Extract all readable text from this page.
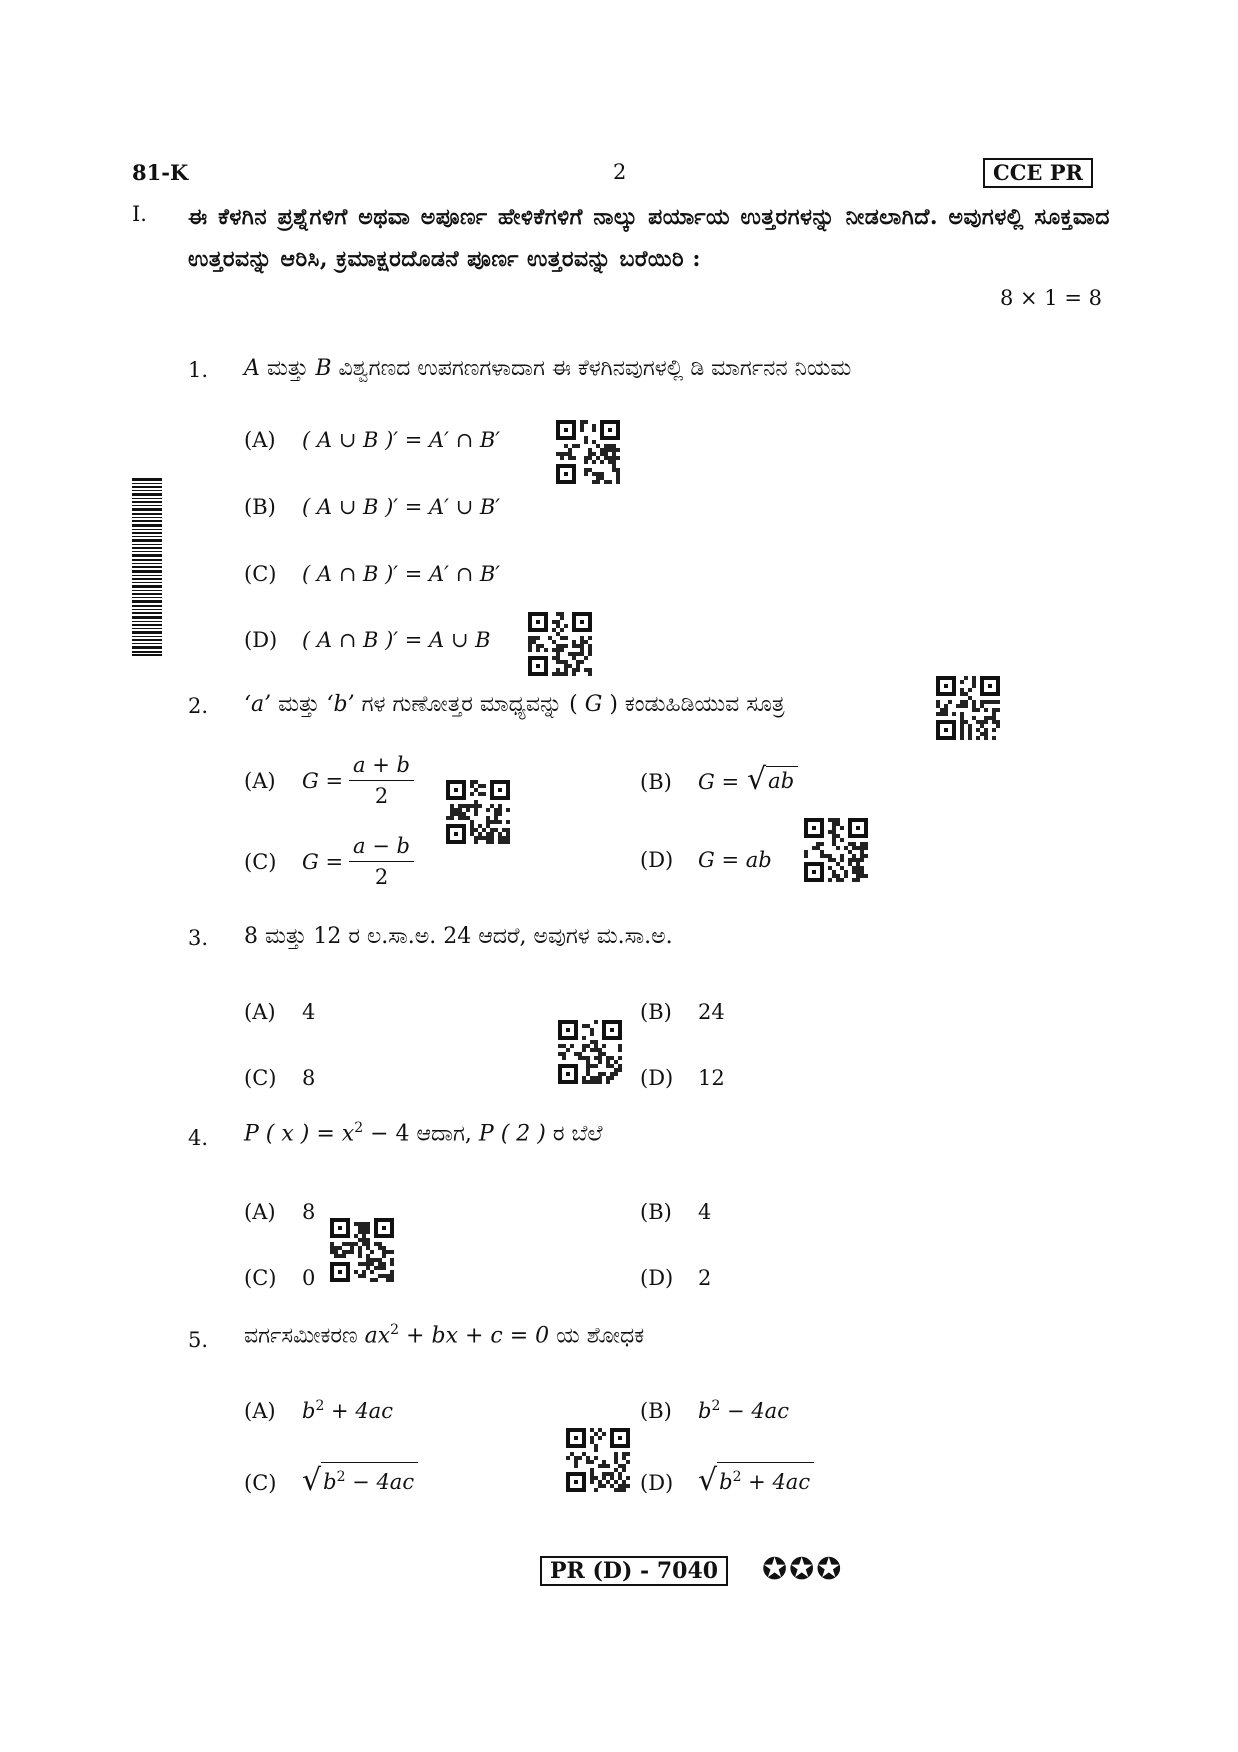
81-K	2	CCE PR
I. ಈ ಕೆಳಗಿನ ಪ್ರಶ್ನೆಗಳಿಗೆ ಅಥವಾ ಅಪೂರ್ಣ ಹೇಳಿಕೆಗಳಿಗೆ ನಾಲ್ಕು ಪರ್ಯಾಯ ಉತ್ತರಗಳನ್ನು ನೀಡಲಾಗಿದೆ. ಅವುಗಳಲ್ಲಿ ಸೂಕ್ತವಾದ ಉತ್ತರವನ್ನು ಆರಿಸಿ, ಕ್ರಮಾಕ್ಷರದೊಡನೆ ಪೂರ್ಣ ಉತ್ತರವನ್ನು ಬರೆಯಿರಿ :
8 × 1 = 8
1. A ಮತ್ತು B ವಿಶ್ವಗಣದ ಉಪಗಣಗಳಾದಾಗ ಈ ಕೆಳಗಿನವುಗಳಲ್ಲಿ ಡಿ ಮಾರ್ಗನನ ನಿಯಮ
(A) ( A ∪ B )′ = A′ ∩ B′
(B) ( A ∪ B )′ = A′ ∪ B′
(C) ( A ∩ B )′ = A′ ∩ B′
(D) ( A ∩ B )′ = A ∪ B
2. ‘a’ ಮತ್ತು ‘b’ ಗಳ ಗುಣೋತ್ತರ ಮಾಧ್ಯವನ್ನು ( G ) ಕಂಡುಹಿಡಿಯುವ ಸೂತ್ರ
(A)	$G = \frac{a + b}{2}$	(B)	G = √ ab
(C)	$G = \frac{a - b}{2}$	(D) G = ab
3. 8 ಮತ್ತು 12 ರ ಲ.ಸಾ.ಅ. 24 ಆದರೆ, ಅವುಗಳ ಮ.ಸಾ.ಅ.
(A) 4	(B) 24
(C) 8	(D) 12
4. P ( x ) = $x^2 - 4$ ಆದಾಗ, P ( 2 ) ರ ಬೆಲೆ
(A) 8	(B) 4
(C) 0	(D) 2
5. ವರ್ಗಸಮೀಕರಣ $ax^2$ + bx + c = 0 ಯ ಶೋಧಕ
(A) $b^2 + 4ac$	(B) $b^2 - 4ac$
(C) √ $b^2 - 4ac$	(D) √ $b^2 + 4ac$
PR (D) - 7040	✪✪✪
